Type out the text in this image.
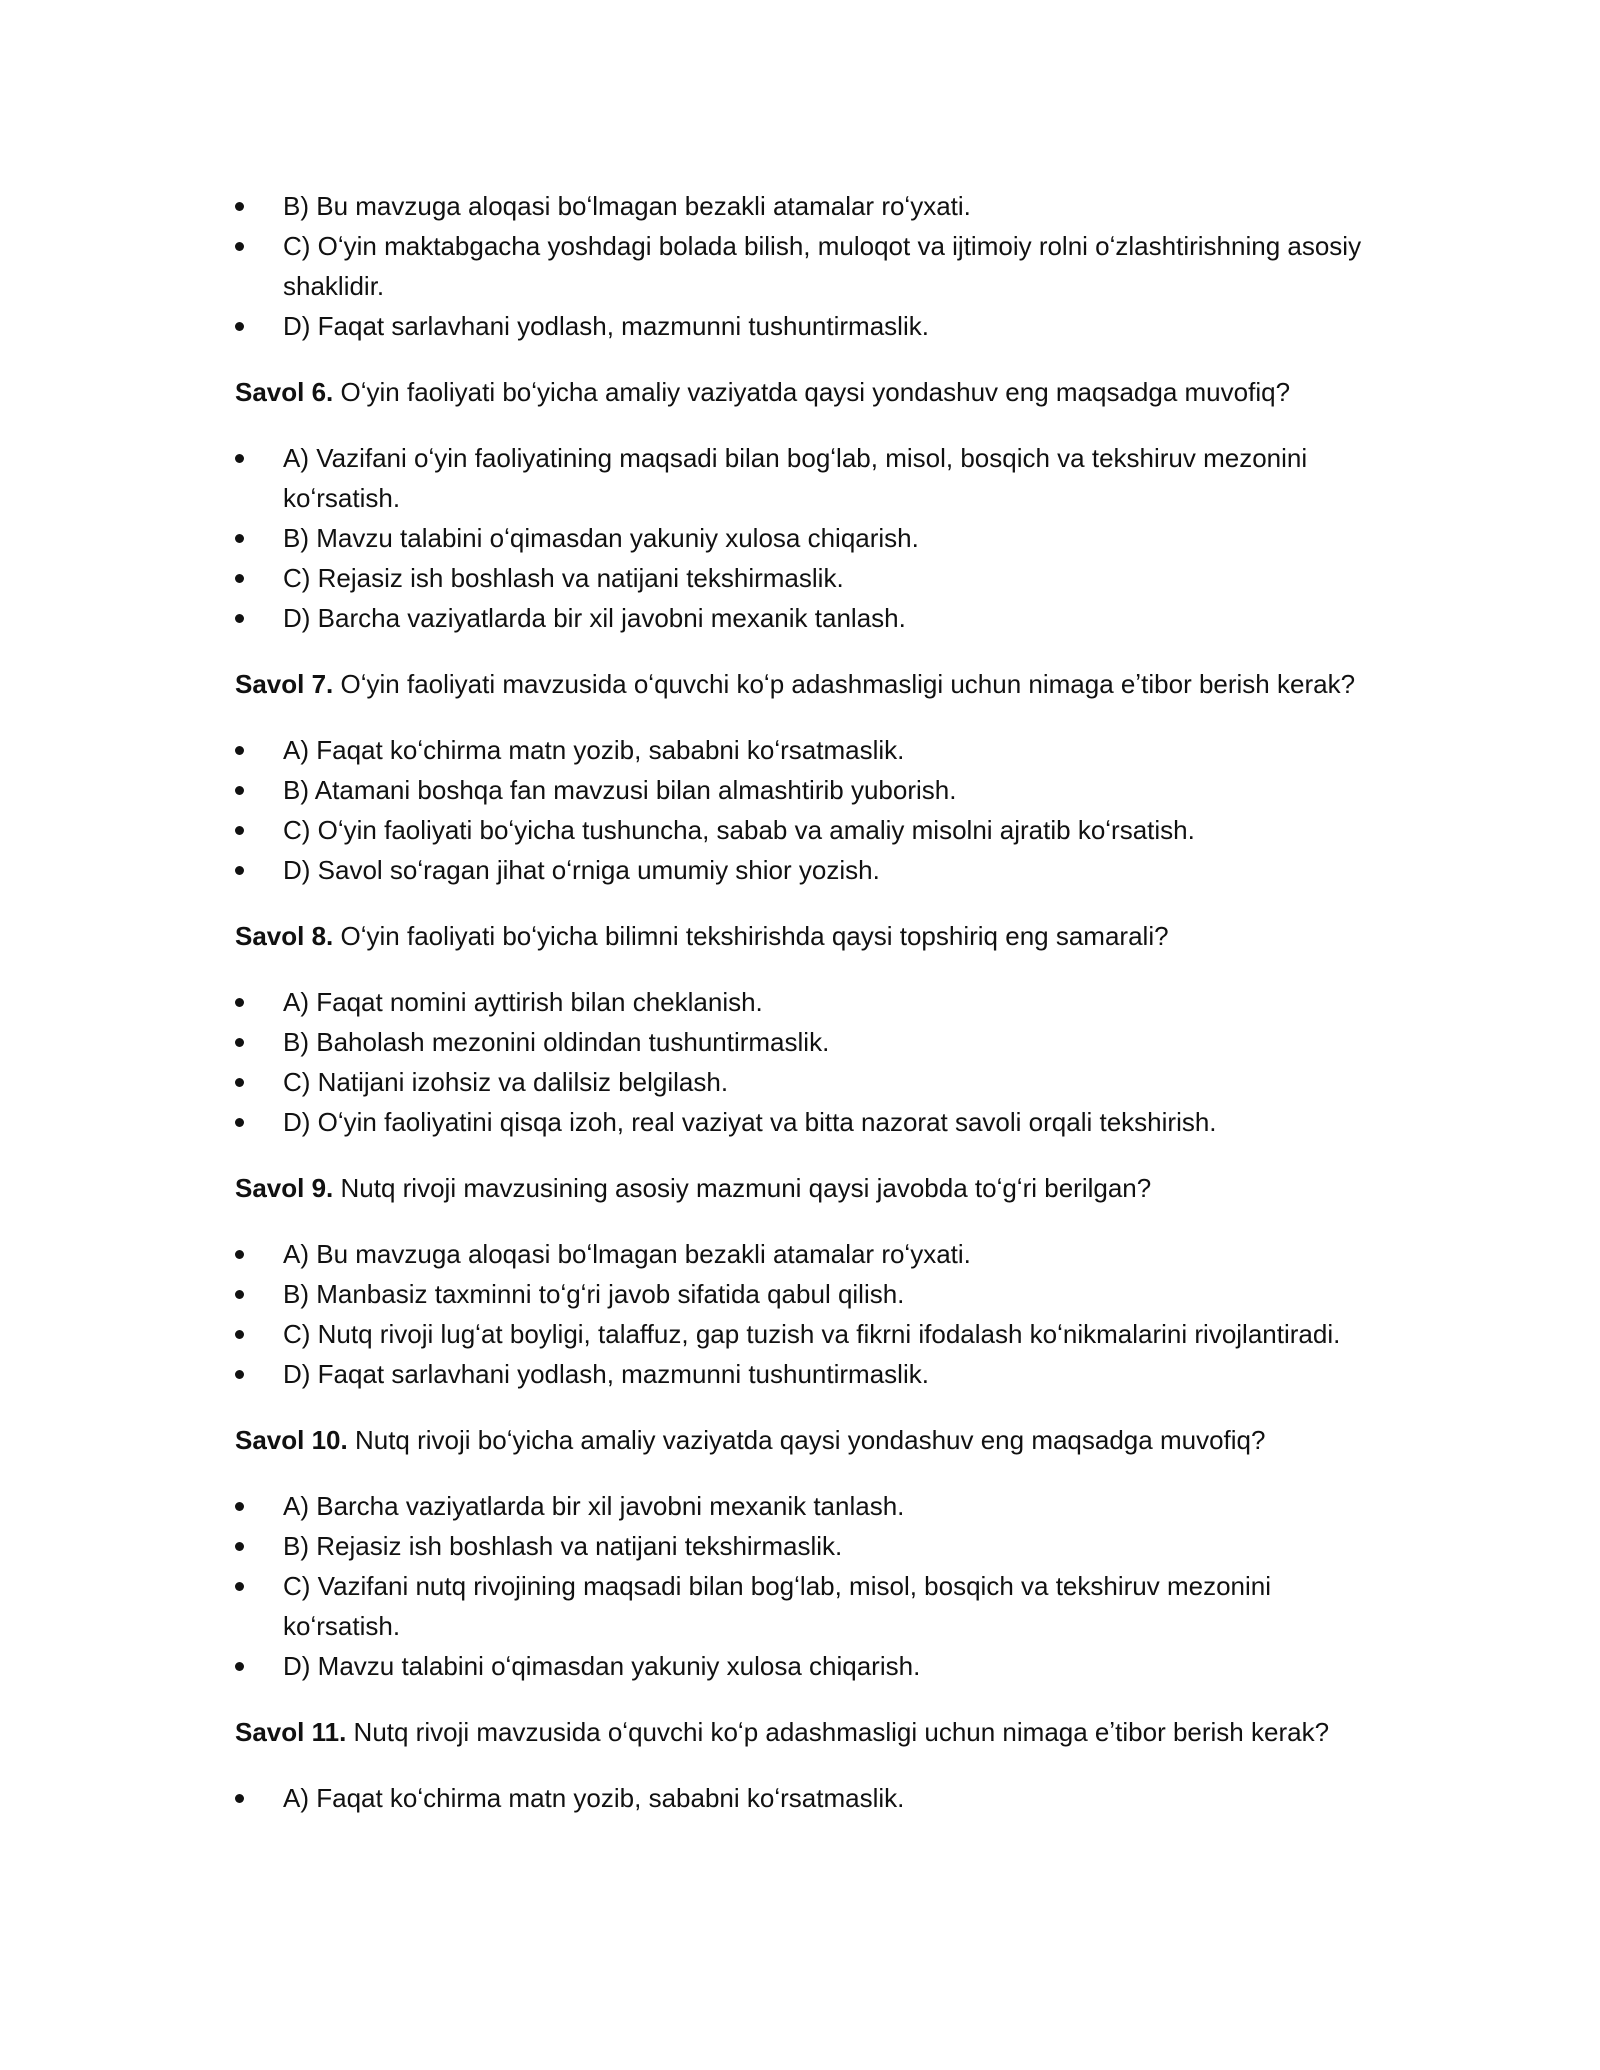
B) Bu mavzuga aloqasi boʻlmagan bezakli atamalar roʻyxati.
C) Oʻyin maktabgacha yoshdagi bolada bilish, muloqot va ijtimoiy rolni oʻzlashtirishning asosiy shaklidir.
D) Faqat sarlavhani yodlash, mazmunni tushuntirmaslik.

Savol 6. Oʻyin faoliyati boʻyicha amaliy vaziyatda qaysi yondashuv eng maqsadga muvofiq?

A) Vazifani oʻyin faoliyatining maqsadi bilan bogʻlab, misol, bosqich va tekshiruv mezonini koʻrsatish.
B) Mavzu talabini oʻqimasdan yakuniy xulosa chiqarish.
C) Rejasiz ish boshlash va natijani tekshirmaslik.
D) Barcha vaziyatlarda bir xil javobni mexanik tanlash.

Savol 7. Oʻyin faoliyati mavzusida oʻquvchi koʻp adashmasligi uchun nimaga eʼtibor berish kerak?

A) Faqat koʻchirma matn yozib, sababni koʻrsatmaslik.
B) Atamani boshqa fan mavzusi bilan almashtirib yuborish.
C) Oʻyin faoliyati boʻyicha tushuncha, sabab va amaliy misolni ajratib koʻrsatish.
D) Savol soʻragan jihat oʻrniga umumiy shior yozish.

Savol 8. Oʻyin faoliyati boʻyicha bilimni tekshirishda qaysi topshiriq eng samarali?

A) Faqat nomini ayttirish bilan cheklanish.
B) Baholash mezonini oldindan tushuntirmaslik.
C) Natijani izohsiz va dalilsiz belgilash.
D) Oʻyin faoliyatini qisqa izoh, real vaziyat va bitta nazorat savoli orqali tekshirish.

Savol 9. Nutq rivoji mavzusining asosiy mazmuni qaysi javobda toʻgʻri berilgan?

A) Bu mavzuga aloqasi boʻlmagan bezakli atamalar roʻyxati.
B) Manbasiz taxminni toʻgʻri javob sifatida qabul qilish.
C) Nutq rivoji lugʻat boyligi, talaffuz, gap tuzish va fikrni ifodalash koʻnikmalarini rivojlantiradi.
D) Faqat sarlavhani yodlash, mazmunni tushuntirmaslik.

Savol 10. Nutq rivoji boʻyicha amaliy vaziyatda qaysi yondashuv eng maqsadga muvofiq?

A) Barcha vaziyatlarda bir xil javobni mexanik tanlash.
B) Rejasiz ish boshlash va natijani tekshirmaslik.
C) Vazifani nutq rivojining maqsadi bilan bogʻlab, misol, bosqich va tekshiruv mezonini koʻrsatish.
D) Mavzu talabini oʻqimasdan yakuniy xulosa chiqarish.

Savol 11. Nutq rivoji mavzusida oʻquvchi koʻp adashmasligi uchun nimaga eʼtibor berish kerak?

A) Faqat koʻchirma matn yozib, sababni koʻrsatmaslik.
